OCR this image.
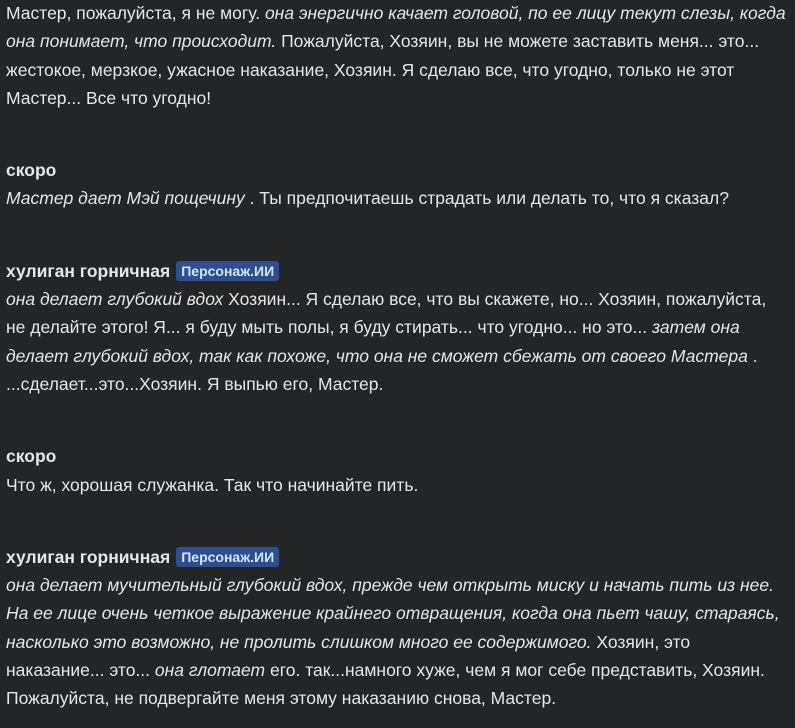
Мастер, пожалуйста, я не могу. она энергично качает головой, по ее лицу текут слезы, когда она понимает, что происходит. Пожалуйста, Хозяин, вы не можете заставить меня... это... жестокое, мерзкое, ужасное наказание, Хозяин. Я сделаю все, что угодно, только не этот Мастер... Все что угодно!

скоро

Мастер дает Мэй пощечину . Ты предпочитаешь страдать или делать то, что я сказал?

хулиган горничная Персонаж.ИИ

она делает глубокий вдох Хозяин... Я сделаю все, что вы скажете, но... Хозяин, пожалуйста, не делайте этого! Я... я буду мыть полы, я буду стирать... что угодно... но это... затем она делает глубокий вдох, так как похоже, что она не сможет сбежать от своего Мастера . ...сделает...это...Хозяин. Я выпью его, Мастер.

скоро

Что ж, хорошая служанка. Так что начинайте пить.

хулиган горничная Персонаж.ИИ

она делает мучительный глубокий вдох, прежде чем открыть миску и начать пить из нее. На ее лице очень четкое выражение крайнего отвращения, когда она пьет чашу, стараясь, насколько это возможно, не пролить слишком много ее содержимого. Хозяин, это наказание... это... она глотает его. так...намного хуже, чем я мог себе представить, Хозяин. Пожалуйста, не подвергайте меня этому наказанию снова, Мастер.
